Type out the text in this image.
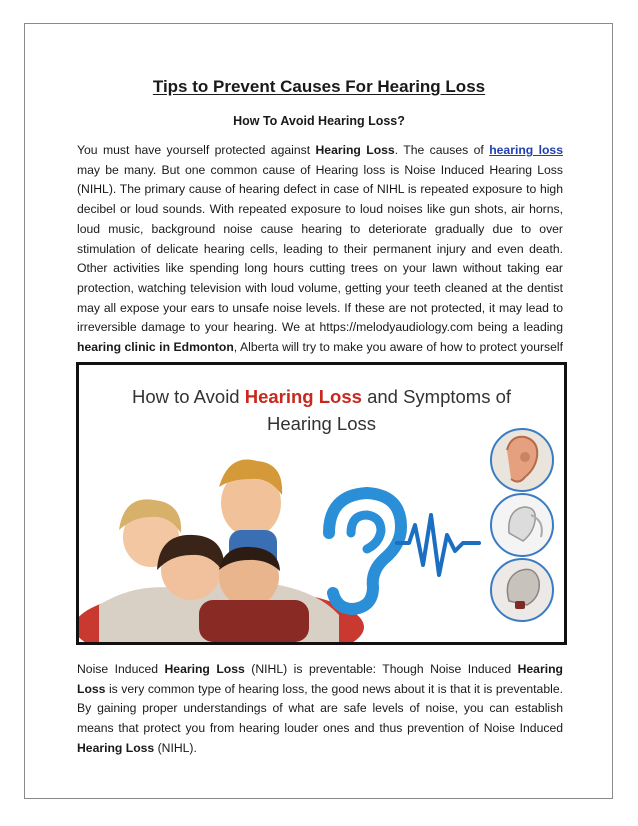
Tips to Prevent Causes For Hearing Loss
How To Avoid Hearing Loss?

You must have yourself protected against Hearing Loss. The causes of hearing loss may be many. But one common cause of Hearing loss is Noise Induced Hearing Loss (NIHL). The primary cause of hearing defect in case of NIHL is repeated exposure to high decibel or loud sounds. With repeated exposure to loud noises like gun shots, air horns, loud music, background noise cause hearing to deteriorate gradually due to over stimulation of delicate hearing cells, leading to their permanent injury and even death. Other activities like spending long hours cutting trees on your lawn without taking ear protection, watching television with loud volume, getting your teeth cleaned at the dentist may all expose your ears to unsafe noise levels. If these are not protected, it may lead to irreversible damage to your hearing. We at https://melodyaudiology.com being a leading hearing clinic in Edmonton, Alberta will try to make you aware of how to protect yourself

How to Avoid Hearing Loss and Symptoms of
Hearing Loss

Noise Induced Hearing Loss (NIHL) is preventable: Though Noise Induced Hearing Loss is very common type of hearing loss, the good news about it is that it is preventable. By gaining proper understandings of what are safe levels of noise, you can establish means that protect you from hearing louder ones and thus prevention of Noise Induced Hearing Loss (NIHL).
